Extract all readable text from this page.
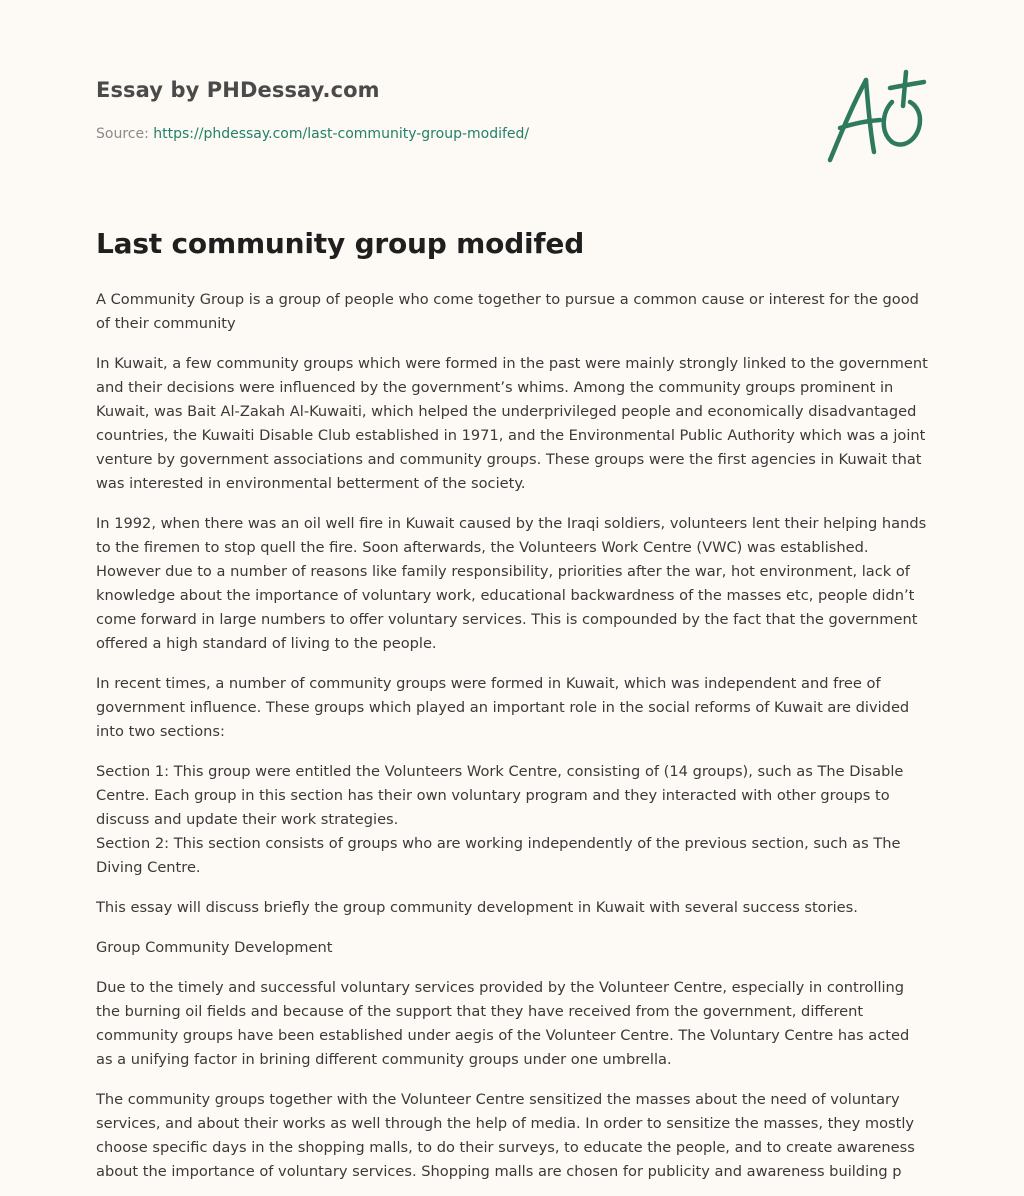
Essay by PHDessay.com
Source: https://phdessay.com/last-community-group-modifed/
Last community group modifed

A Community Group is a group of people who come together to pursue a common cause or interest for the good of their community

In Kuwait, a few community groups which were formed in the past were mainly strongly linked to the government and their decisions were influenced by the government’s whims. Among the community groups prominent in Kuwait, was Bait Al-Zakah Al-Kuwaiti, which helped the underprivileged people and economically disadvantaged countries, the Kuwaiti Disable Club established in 1971, and the Environmental Public Authority which was a joint venture by government associations and community groups. These groups were the first agencies in Kuwait that was interested in environmental betterment of the society.

In 1992, when there was an oil well fire in Kuwait caused by the Iraqi soldiers, volunteers lent their helping hands to the firemen to stop quell the fire. Soon afterwards, the Volunteers Work Centre (VWC) was established. However due to a number of reasons like family responsibility, priorities after the war, hot environment, lack of knowledge about the importance of voluntary work, educational backwardness of the masses etc, people didn’t come forward in large numbers to offer voluntary services. This is compounded by the fact that the government offered a high standard of living to the people.

In recent times, a number of community groups were formed in Kuwait, which was independent and free of government influence. These groups which played an important role in the social reforms of Kuwait are divided into two sections:

Section 1: This group were entitled the Volunteers Work Centre, consisting of (14 groups), such as The Disable Centre. Each group in this section has their own voluntary program and they interacted with other groups to discuss and update their work strategies.

Section 2: This section consists of groups who are working independently of the previous section, such as The Diving Centre.

This essay will discuss briefly the group community development in Kuwait with several success stories.

Group Community Development

Due to the timely and successful voluntary services provided by the Volunteer Centre, especially in controlling the burning oil fields and because of the support that they have received from the government, different community groups have been established under aegis of the Volunteer Centre. The Voluntary Centre has acted as a unifying factor in brining different community groups under one umbrella.

The community groups together with the Volunteer Centre sensitized the masses about the need of voluntary services, and about their works as well through the help of media. In order to sensitize the masses, they mostly choose specific days in the shopping malls, to do their surveys, to educate the people, and to create awareness about the importance of voluntary services. Shopping malls are chosen for publicity and awareness building p
